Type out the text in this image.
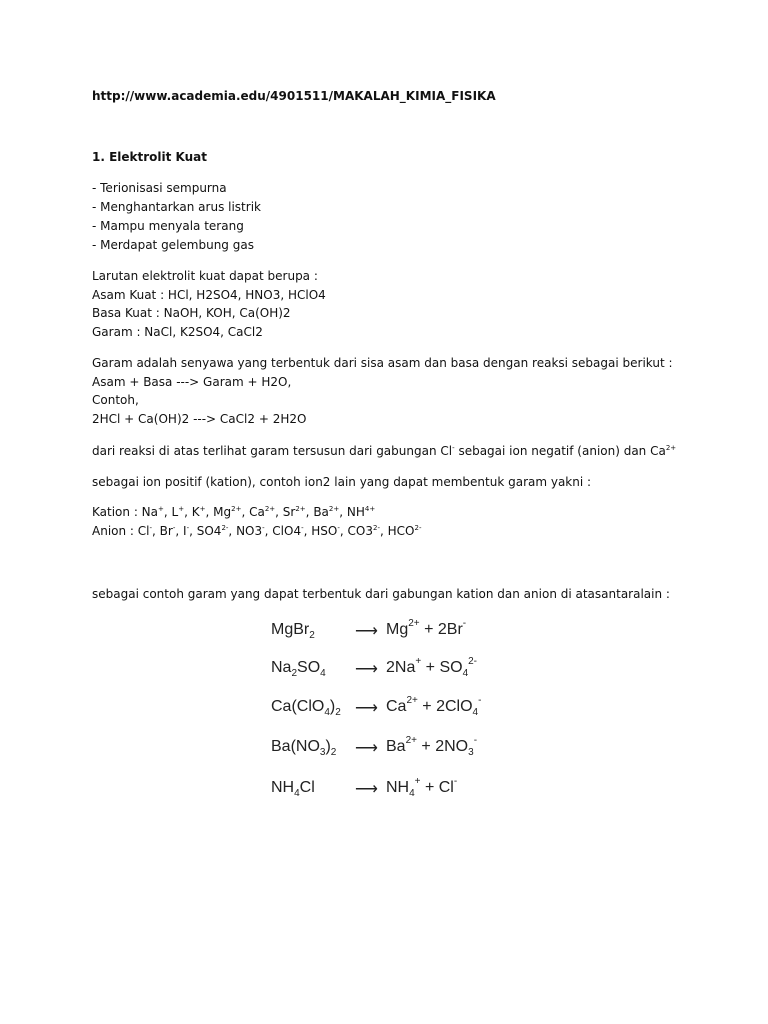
http://www.academia.edu/4901511/MAKALAH_KIMIA_FISIKA
1. Elektrolit Kuat
- Terionisasi sempurna
- Menghantarkan arus listrik
- Mampu menyala terang
- Merdapat gelembung gas
Larutan elektrolit kuat dapat berupa :
Asam Kuat : HCl, H2SO4, HNO3, HClO4
Basa Kuat : NaOH, KOH, Ca(OH)2
Garam : NaCl, K2SO4, CaCl2
Garam adalah senyawa yang terbentuk dari sisa asam dan basa dengan reaksi sebagai berikut :
Asam + Basa ---> Garam + H2O,
Contoh,
2HCl + Ca(OH)2 ---> CaCl2 + 2H2O
dari reaksi di atas terlihat garam tersusun dari gabungan Cl- sebagai ion negatif (anion) dan $Ca^{2+}$
sebagai ion positif (kation), contoh ion2 lain yang dapat membentuk garam yakni :
Kation : Na+, L+, K+, $Mg^{2+}$, $Ca^{2+}$, $Sr^{2+}$, $Ba^{2+}$, $NH^{4+}$
Anion : Cl-, Br-, I-, $SO4^{2-}$, NO3-, ClO4-, HSO-, $CO3^{2-}$, $HCO^{2-}$
sebagai contoh garam yang dapat terbentuk dari gabungan kation dan anion di atasantaralain :
MgBr$_2$	⟶ $Mg^{2+} + 2Br^-$
$Na_2SO_4$ ⟶ $2Na^+ + SO_4^{2-}$
$Ca(ClO_4)_2$ ⟶ $Ca^{2+} + 2ClO_4^-$
$Ba(NO_3)_2$ ⟶ $Ba^{2+} + 2NO_3^-$
$NH_4Cl$	⟶ $NH_4^+ + Cl^-$
